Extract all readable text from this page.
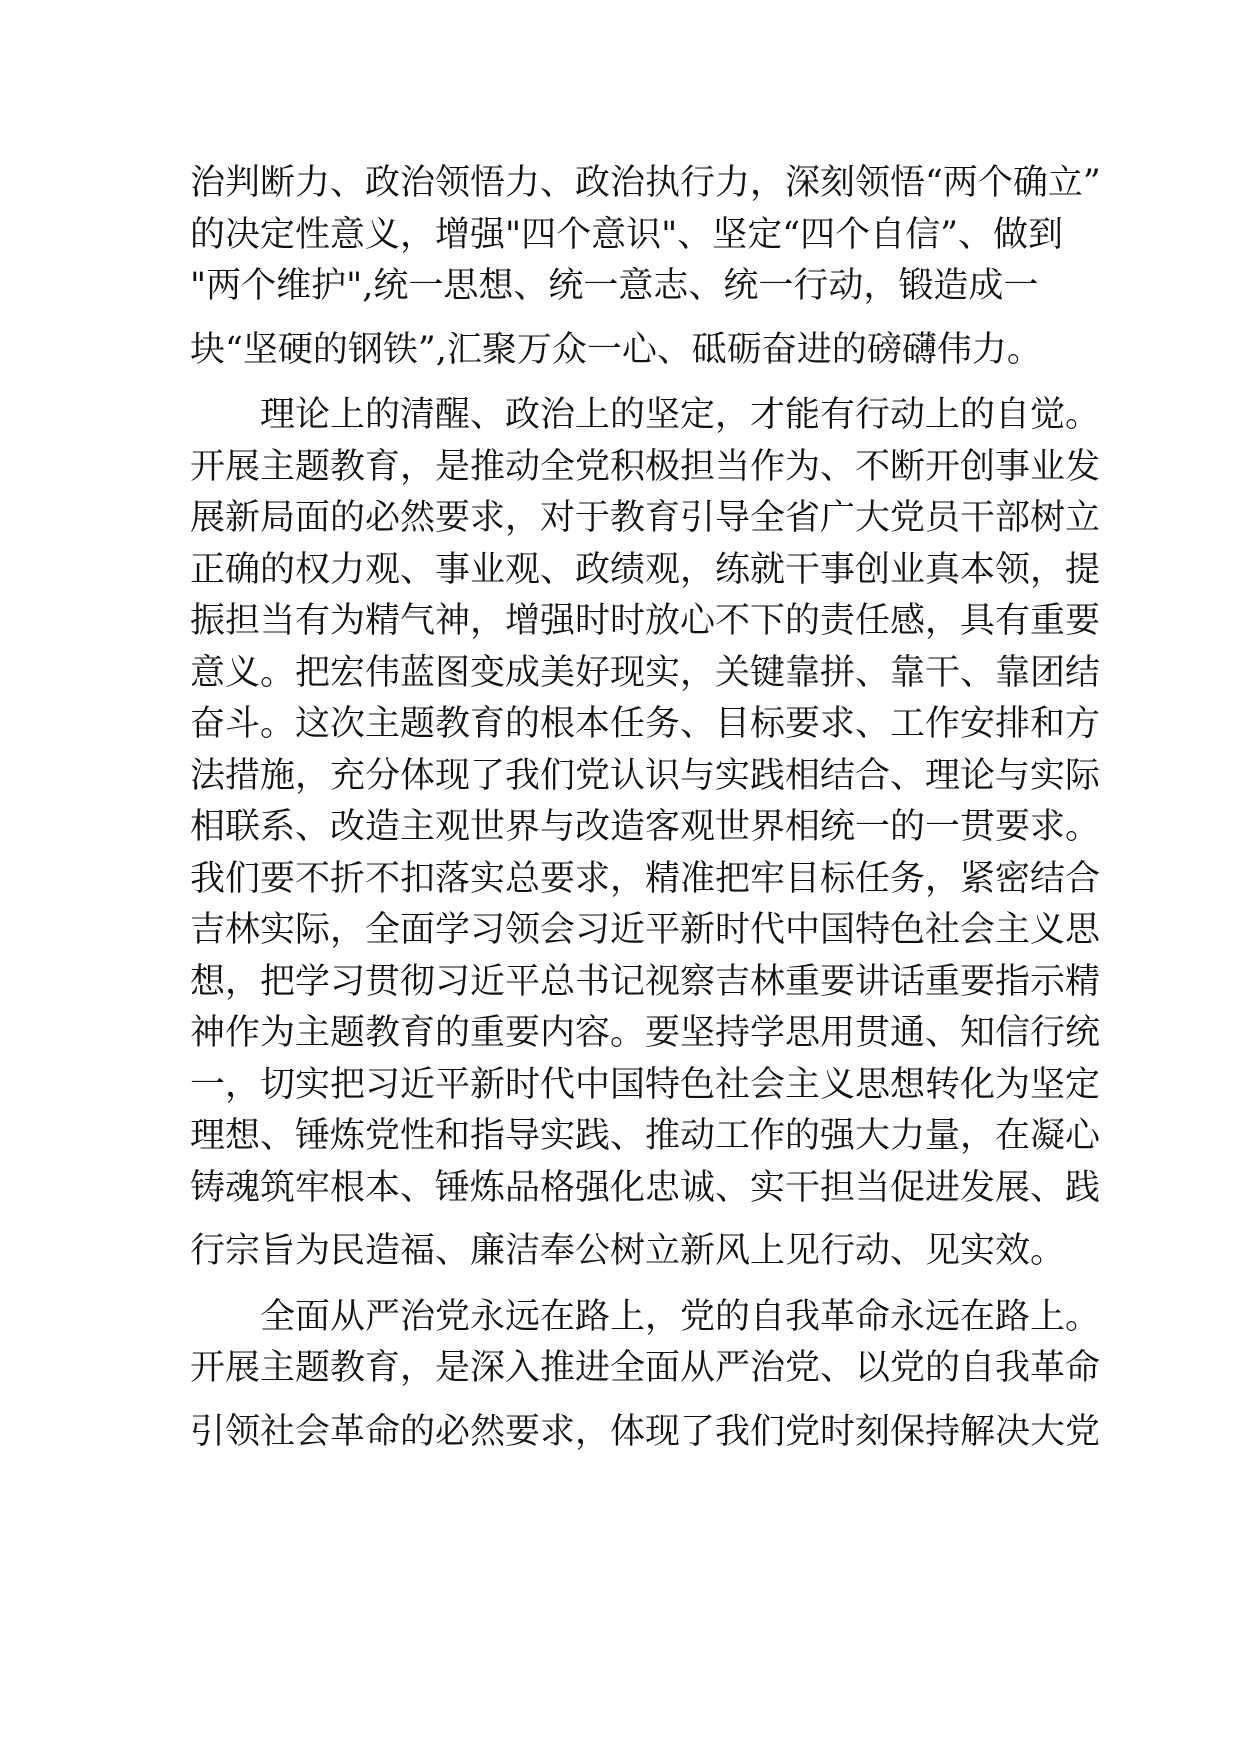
治判断力、政治领悟力、政治执行力，深刻领悟“两个确立”
的决定性意义，增强"四个意识"、坚定“四个自信”、做到
"两个维护",统一思想、统一意志、统一行动，锻造成一
块“坚硬的钢铁”,汇聚万众一心、砥砺奋进的磅礴伟力。
　　理论上的清醒、政治上的坚定，才能有行动上的自觉。
开展主题教育，是推动全党积极担当作为、不断开创事业发
展新局面的必然要求，对于教育引导全省广大党员干部树立
正确的权力观、事业观、政绩观，练就干事创业真本领，提
振担当有为精气神，增强时时放心不下的责任感，具有重要
意义。把宏伟蓝图变成美好现实，关键靠拼、靠干、靠团结
奋斗。这次主题教育的根本任务、目标要求、工作安排和方
法措施，充分体现了我们党认识与实践相结合、理论与实际
相联系、改造主观世界与改造客观世界相统一的一贯要求。
我们要不折不扣落实总要求，精准把牢目标任务，紧密结合
吉林实际，全面学习领会习近平新时代中国特色社会主义思
想，把学习贯彻习近平总书记视察吉林重要讲话重要指示精
神作为主题教育的重要内容。要坚持学思用贯通、知信行统
一，切实把习近平新时代中国特色社会主义思想转化为坚定
理想、锤炼党性和指导实践、推动工作的强大力量，在凝心
铸魂筑牢根本、锤炼品格强化忠诚、实干担当促进发展、践
行宗旨为民造福、廉洁奉公树立新风上见行动、见实效。
　　全面从严治党永远在路上，党的自我革命永远在路上。
开展主题教育，是深入推进全面从严治党、以党的自我革命
引领社会革命的必然要求，体现了我们党时刻保持解决大党
